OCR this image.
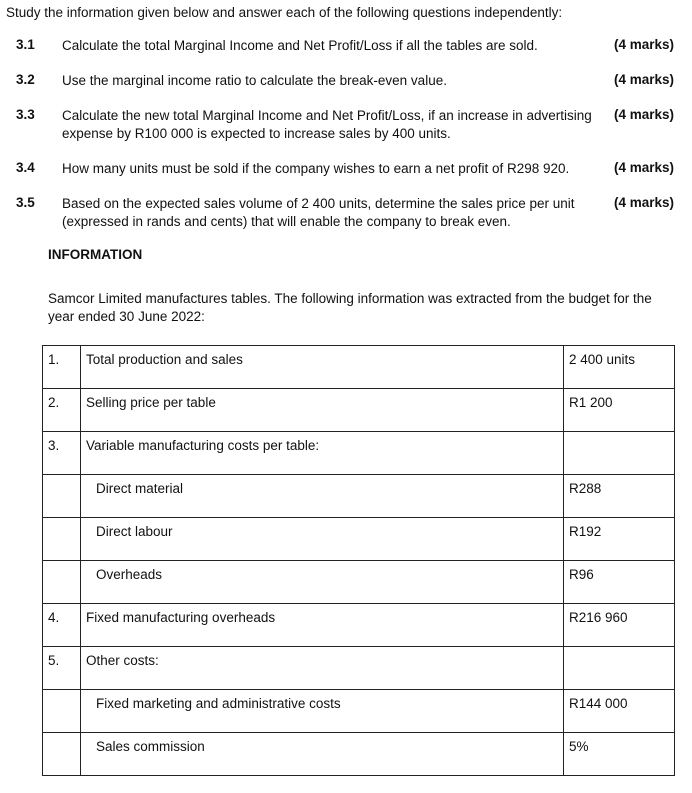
Study the information given below and answer each of the following questions independently:
3.1 Calculate the total Marginal Income and Net Profit/Loss if all the tables are sold.	(4 marks)
3.2 Use the marginal income ratio to calculate the break-even value.	(4 marks)
3.3 Calculate the new total Marginal Income and Net Profit/Loss, if an increase in advertising expense by R100 000 is expected to increase sales by 400 units.
(4 marks)
3.4 How many units must be sold if the company wishes to earn a net profit of R298 920.	(4 marks)
3.5 Based on the expected sales volume of 2 400 units, determine the sales price per unit (expressed in rands and cents) that will enable the company to break even.
(4 marks)
INFORMATION
Samcor Limited manufactures tables. The following information was extracted from the budget for the year ended 30 June 2022:
1.	Total production and sales	2 400 units
2.	Selling price per table	R1 200
3.	Variable manufacturing costs per table:	
	Direct material	R288
	Direct labour	R192
	Overheads	R96
4.	Fixed manufacturing overheads	R216 960
5.	Other costs:	
	Fixed marketing and administrative costs	R144 000
	Sales commission	5%
